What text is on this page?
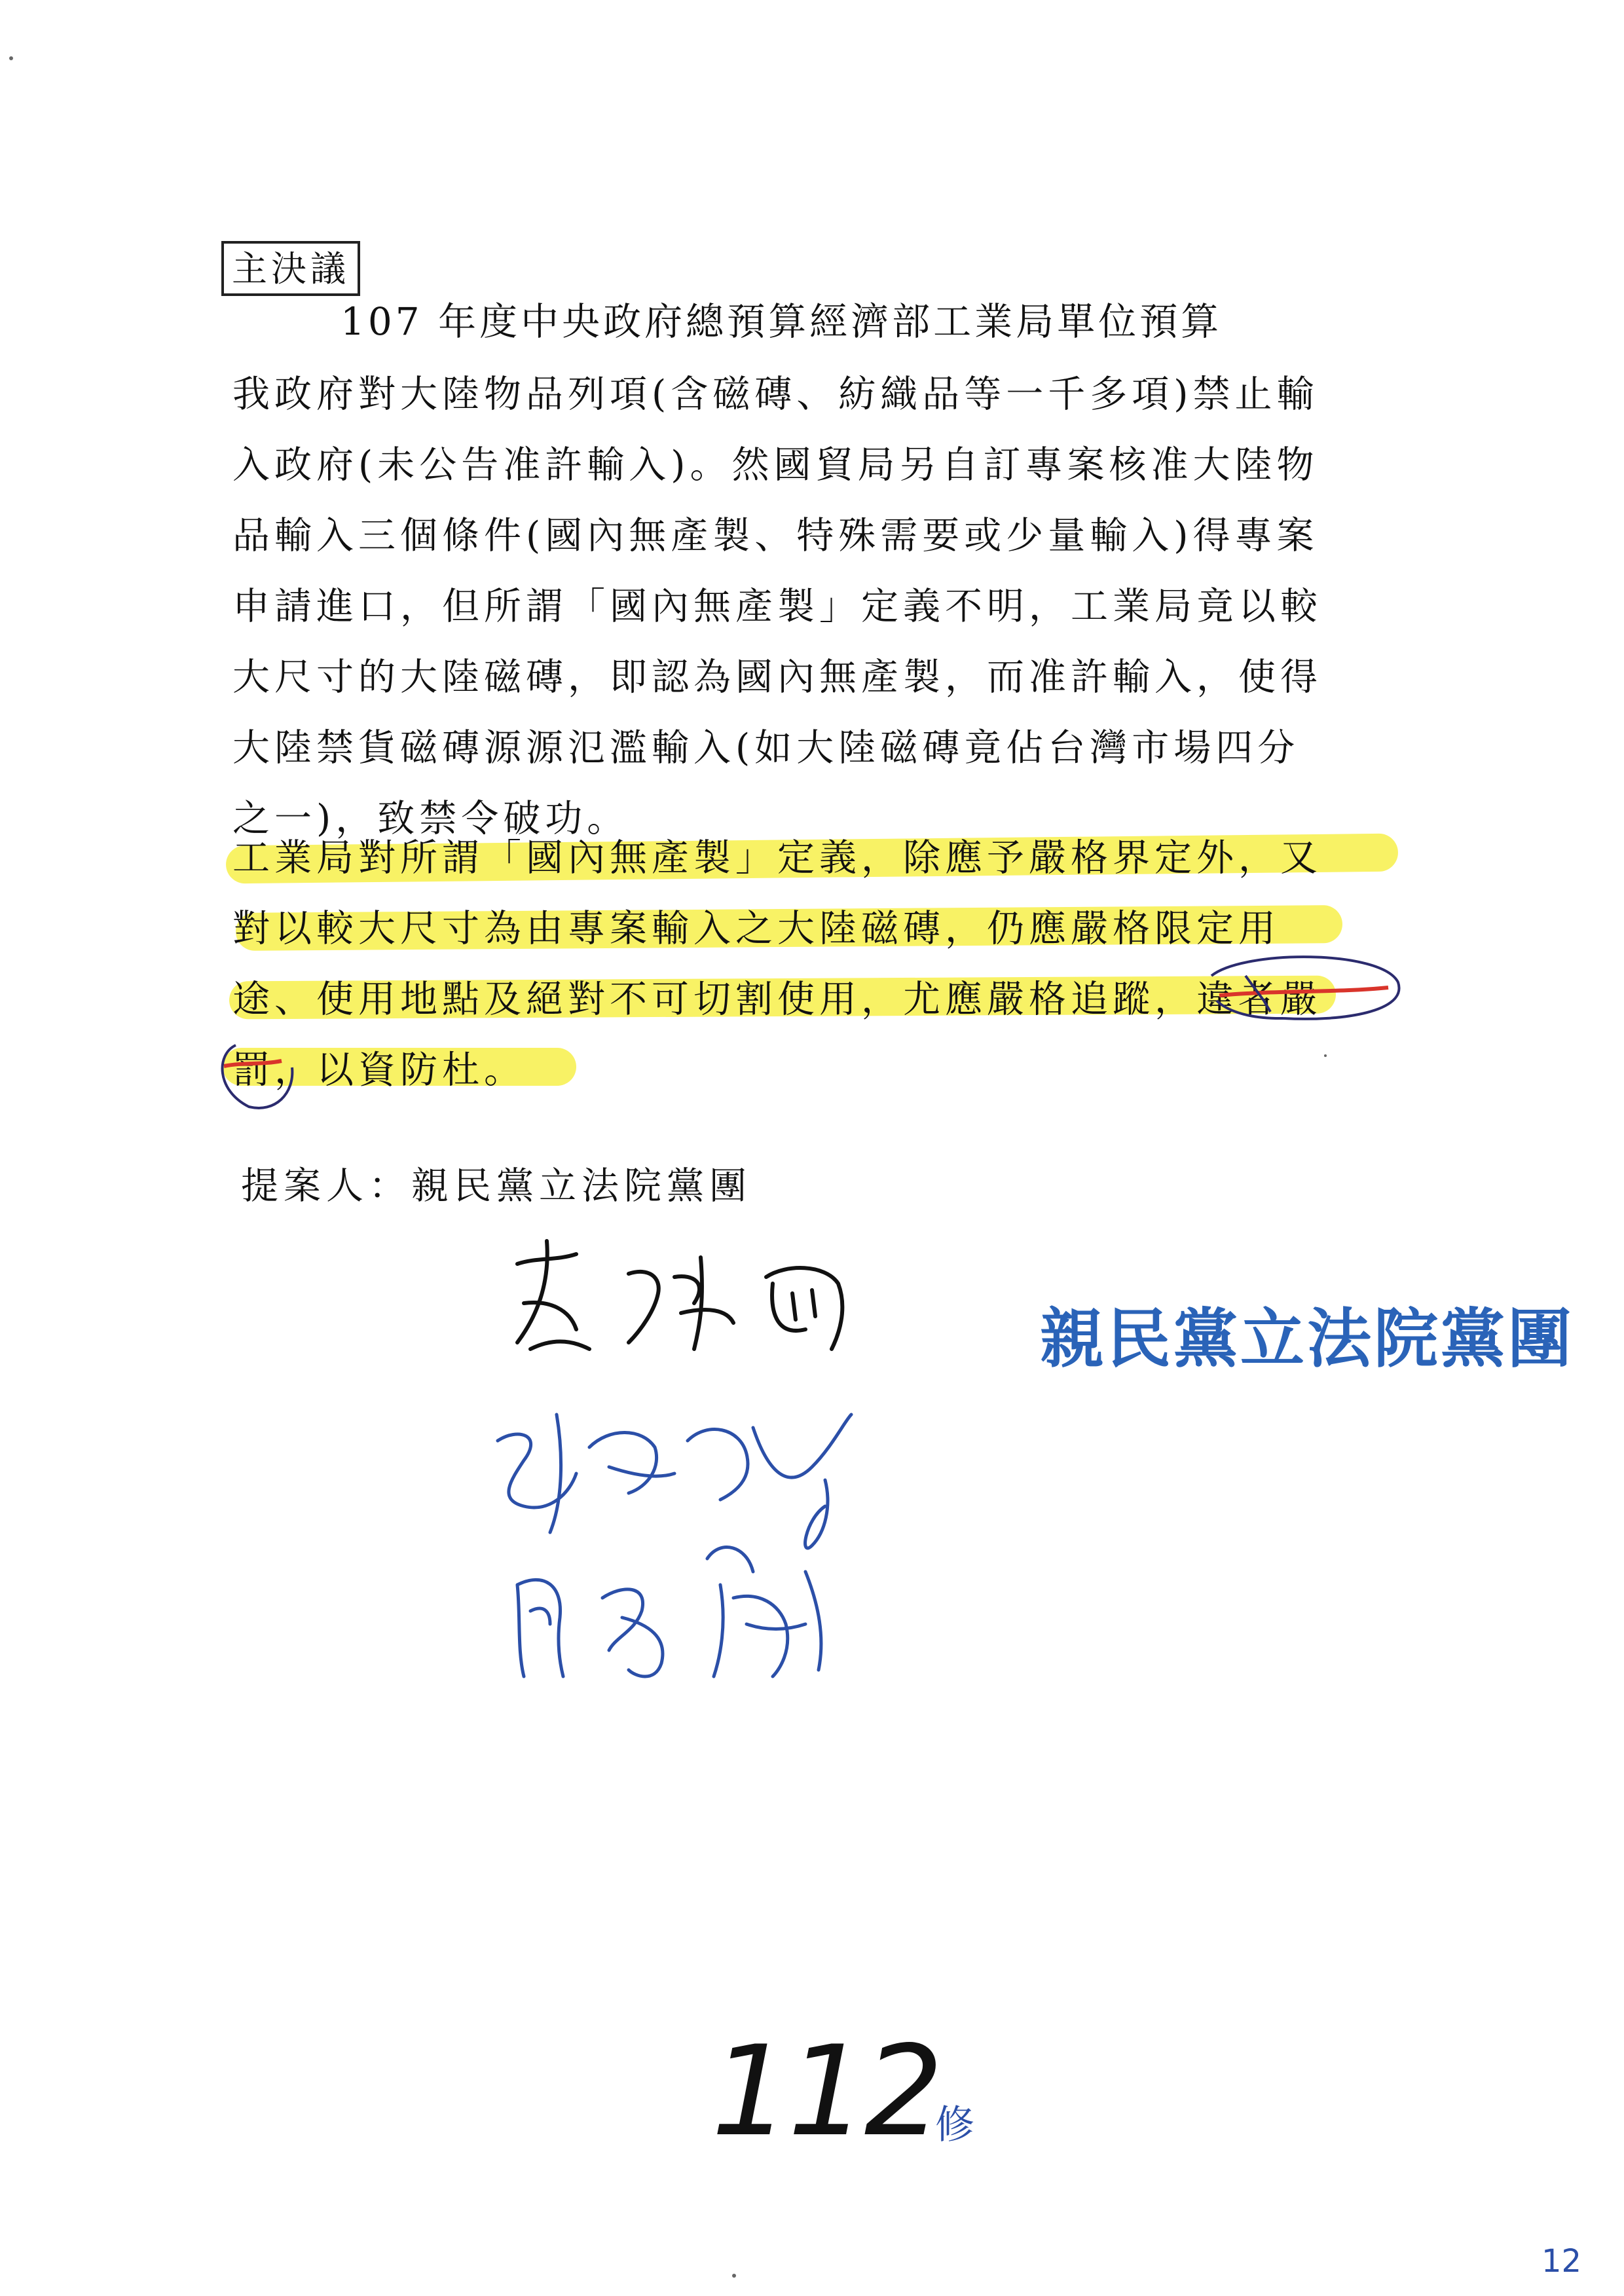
主決議
107 年度中央政府總預算經濟部工業局單位預算
我政府對大陸物品列項(含磁磚、紡織品等一千多項)禁止輸
入政府(未公告准許輸入)。然國貿局另自訂專案核准大陸物
品輸入三個條件(國內無產製、特殊需要或少量輸入)得專案
申請進口，但所謂「國內無產製」定義不明，工業局竟以較
大尺寸的大陸磁磚，即認為國內無產製，而准許輸入，使得
大陸禁貨磁磚源源氾濫輸入(如大陸磁磚竟佔台灣市場四分
之一)，致禁令破功。
工業局對所謂「國內無產製」定義，除應予嚴格界定外，又
對以較大尺寸為由專案輸入之大陸磁磚，仍應嚴格限定用
途、使用地點及絕對不可切割使用，尤應嚴格追蹤，違者嚴
罰，以資防杜。
提案人：親民黨立法院黨團
親民黨立法院黨團
112
修
12
